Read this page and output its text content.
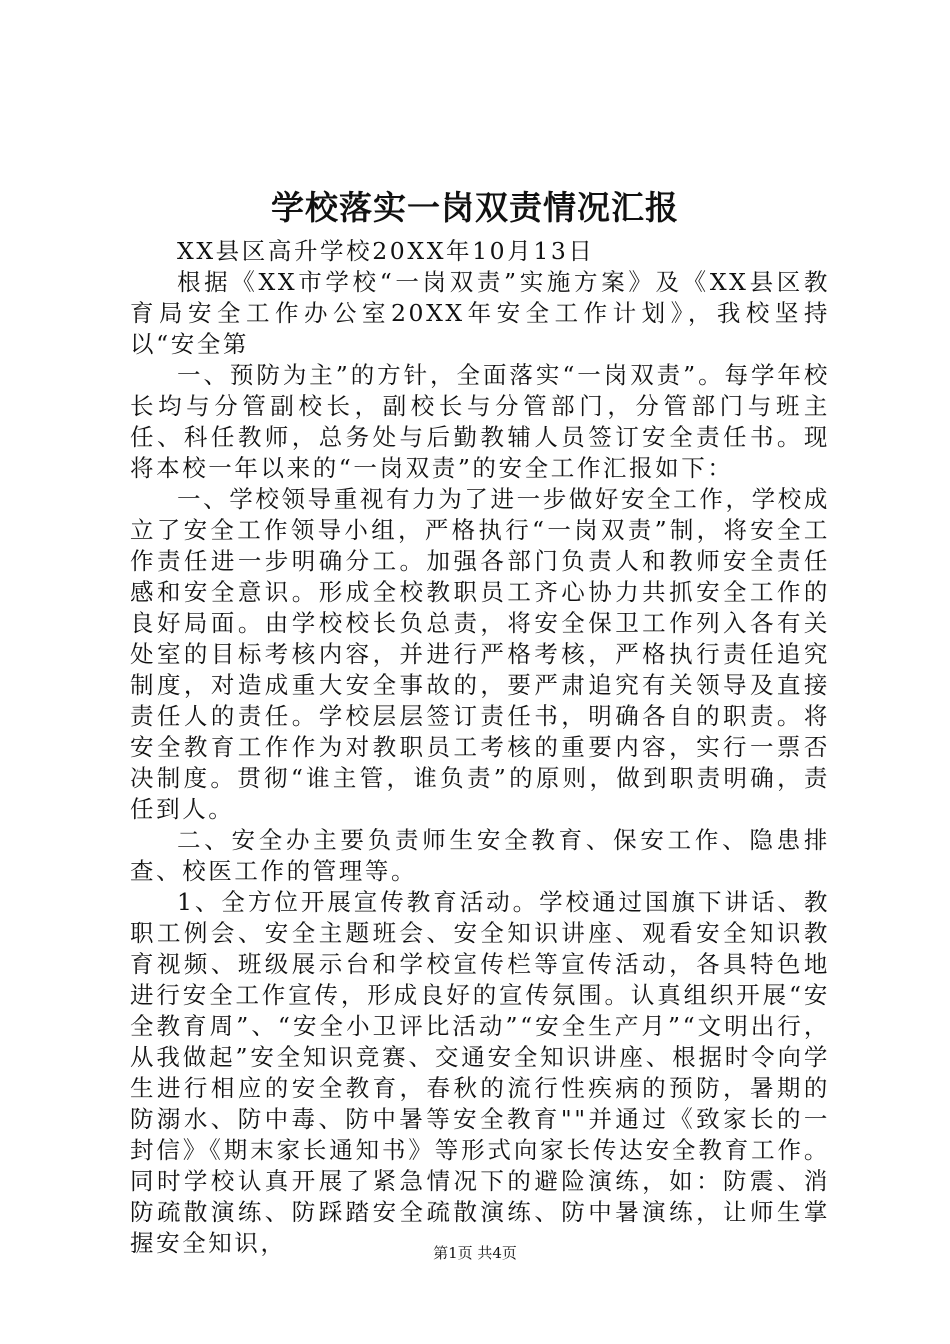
学校落实一岗双责情况汇报

XX县区高升学校20XX年10月13日

根据《XX市学校“一岗双责”实施方案》及《XX县区教育局安全工作办公室20XX年安全工作计划》，我校坚持以“安全第

一、预防为主”的方针，全面落实“一岗双责”。每学年校长均与分管副校长，副校长与分管部门，分管部门与班主任、科任教师，总务处与后勤教辅人员签订安全责任书。现将本校一年以来的“一岗双责”的安全工作汇报如下：

一、学校领导重视有力为了进一步做好安全工作，学校成立了安全工作领导小组，严格执行“一岗双责”制，将安全工作责任进一步明确分工。加强各部门负责人和教师安全责任感和安全意识。形成全校教职员工齐心协力共抓安全工作的良好局面。由学校校长负总责，将安全保卫工作列入各有关处室的目标考核内容，并进行严格考核，严格执行责任追究制度，对造成重大安全事故的，要严肃追究有关领导及直接责任人的责任。学校层层签订责任书，明确各自的职责。将安全教育工作作为对教职员工考核的重要内容，实行一票否决制度。贯彻“谁主管，谁负责”的原则，做到职责明确，责任到人。

二、安全办主要负责师生安全教育、保安工作、隐患排查、校医工作的管理等。

1、全方位开展宣传教育活动。学校通过国旗下讲话、教职工例会、安全主题班会、安全知识讲座、观看安全知识教育视频、班级展示台和学校宣传栏等宣传活动，各具特色地进行安全工作宣传，形成良好的宣传氛围。认真组织开展“安全教育周”、“安全小卫评比活动”“安全生产月”“文明出行，从我做起”安全知识竞赛、交通安全知识讲座、根据时令向学生进行相应的安全教育，春秋的流行性疾病的预防，暑期的防溺水、防中毒、防中暑等安全教育""并通过《致家长的一封信》《期末家长通知书》等形式向家长传达安全教育工作。同时学校认真开展了紧急情况下的避险演练，如：防震、消防疏散演练、防踩踏安全疏散演练、防中暑演练，让师生掌握安全知识，	第1页 共4页
